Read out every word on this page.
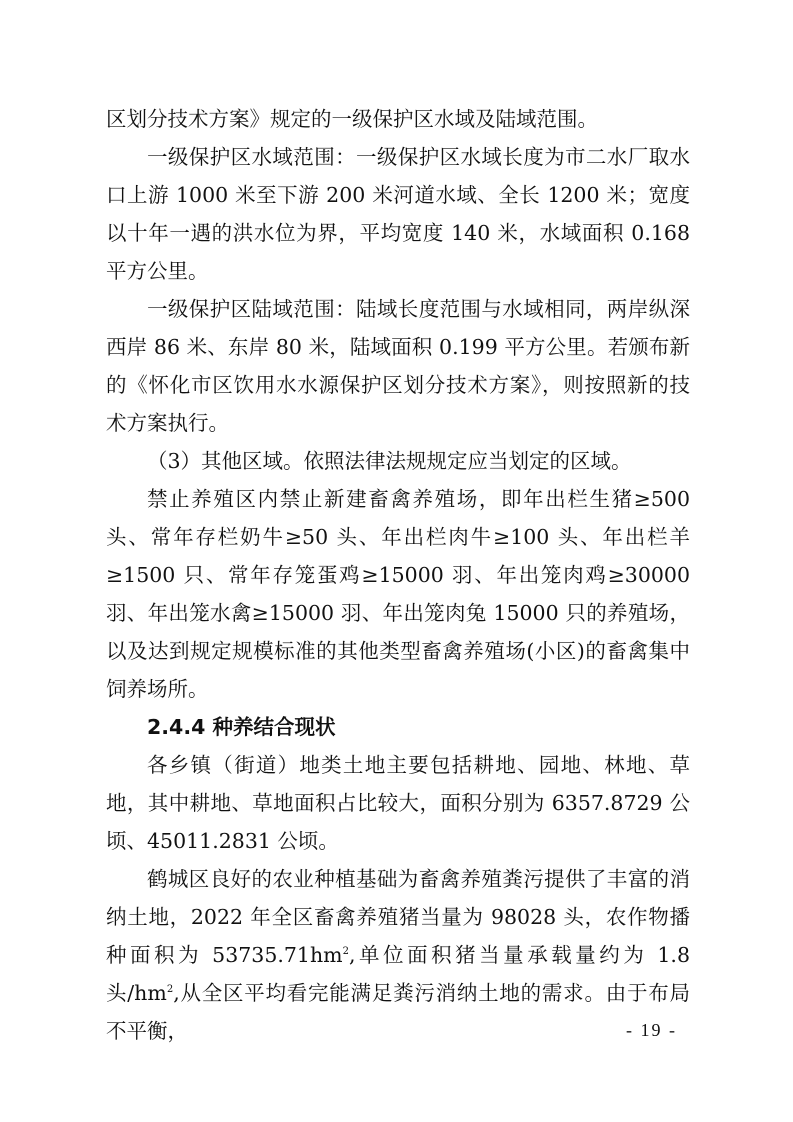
区划分技术方案》规定的一级保护区水域及陆域范围。

一级保护区水域范围：一级保护区水域长度为市二水厂取水口上游 1000 米至下游 200 米河道水域、全长 1200 米；宽度以十年一遇的洪水位为界，平均宽度 140 米，水域面积 0.168 平方公里。

一级保护区陆域范围：陆域长度范围与水域相同，两岸纵深西岸 86 米、东岸 80 米，陆域面积 0.199 平方公里。若颁布新的《怀化市区饮用水水源保护区划分技术方案》，则按照新的技术方案执行。

（3）其他区域。依照法律法规规定应当划定的区域。

禁止养殖区内禁止新建畜禽养殖场，即年出栏生猪≥500 头、常年存栏奶牛≥50 头、年出栏肉牛≥100 头、年出栏羊≥1500 只、常年存笼蛋鸡≥15000 羽、年出笼肉鸡≥30000 羽、年出笼水禽≥15000 羽、年出笼肉兔 15000 只的养殖场，以及达到规定规模标准的其他类型畜禽养殖场(小区)的畜禽集中饲养场所。

2.4.4 种养结合现状

各乡镇（街道）地类土地主要包括耕地、园地、林地、草地，其中耕地、草地面积占比较大，面积分别为 6357.8729 公顷、45011.2831 公顷。

鹤城区良好的农业种植基础为畜禽养殖粪污提供了丰富的消纳土地，2022 年全区畜禽养殖猪当量为 98028 头，农作物播种面积为 $53735.71hm^2$,单位面积猪当量承载量约为 1.8 头$/hm^2$,从全区平均看完能满足粪污消纳土地的需求。由于布局不平衡，	- 19 -
